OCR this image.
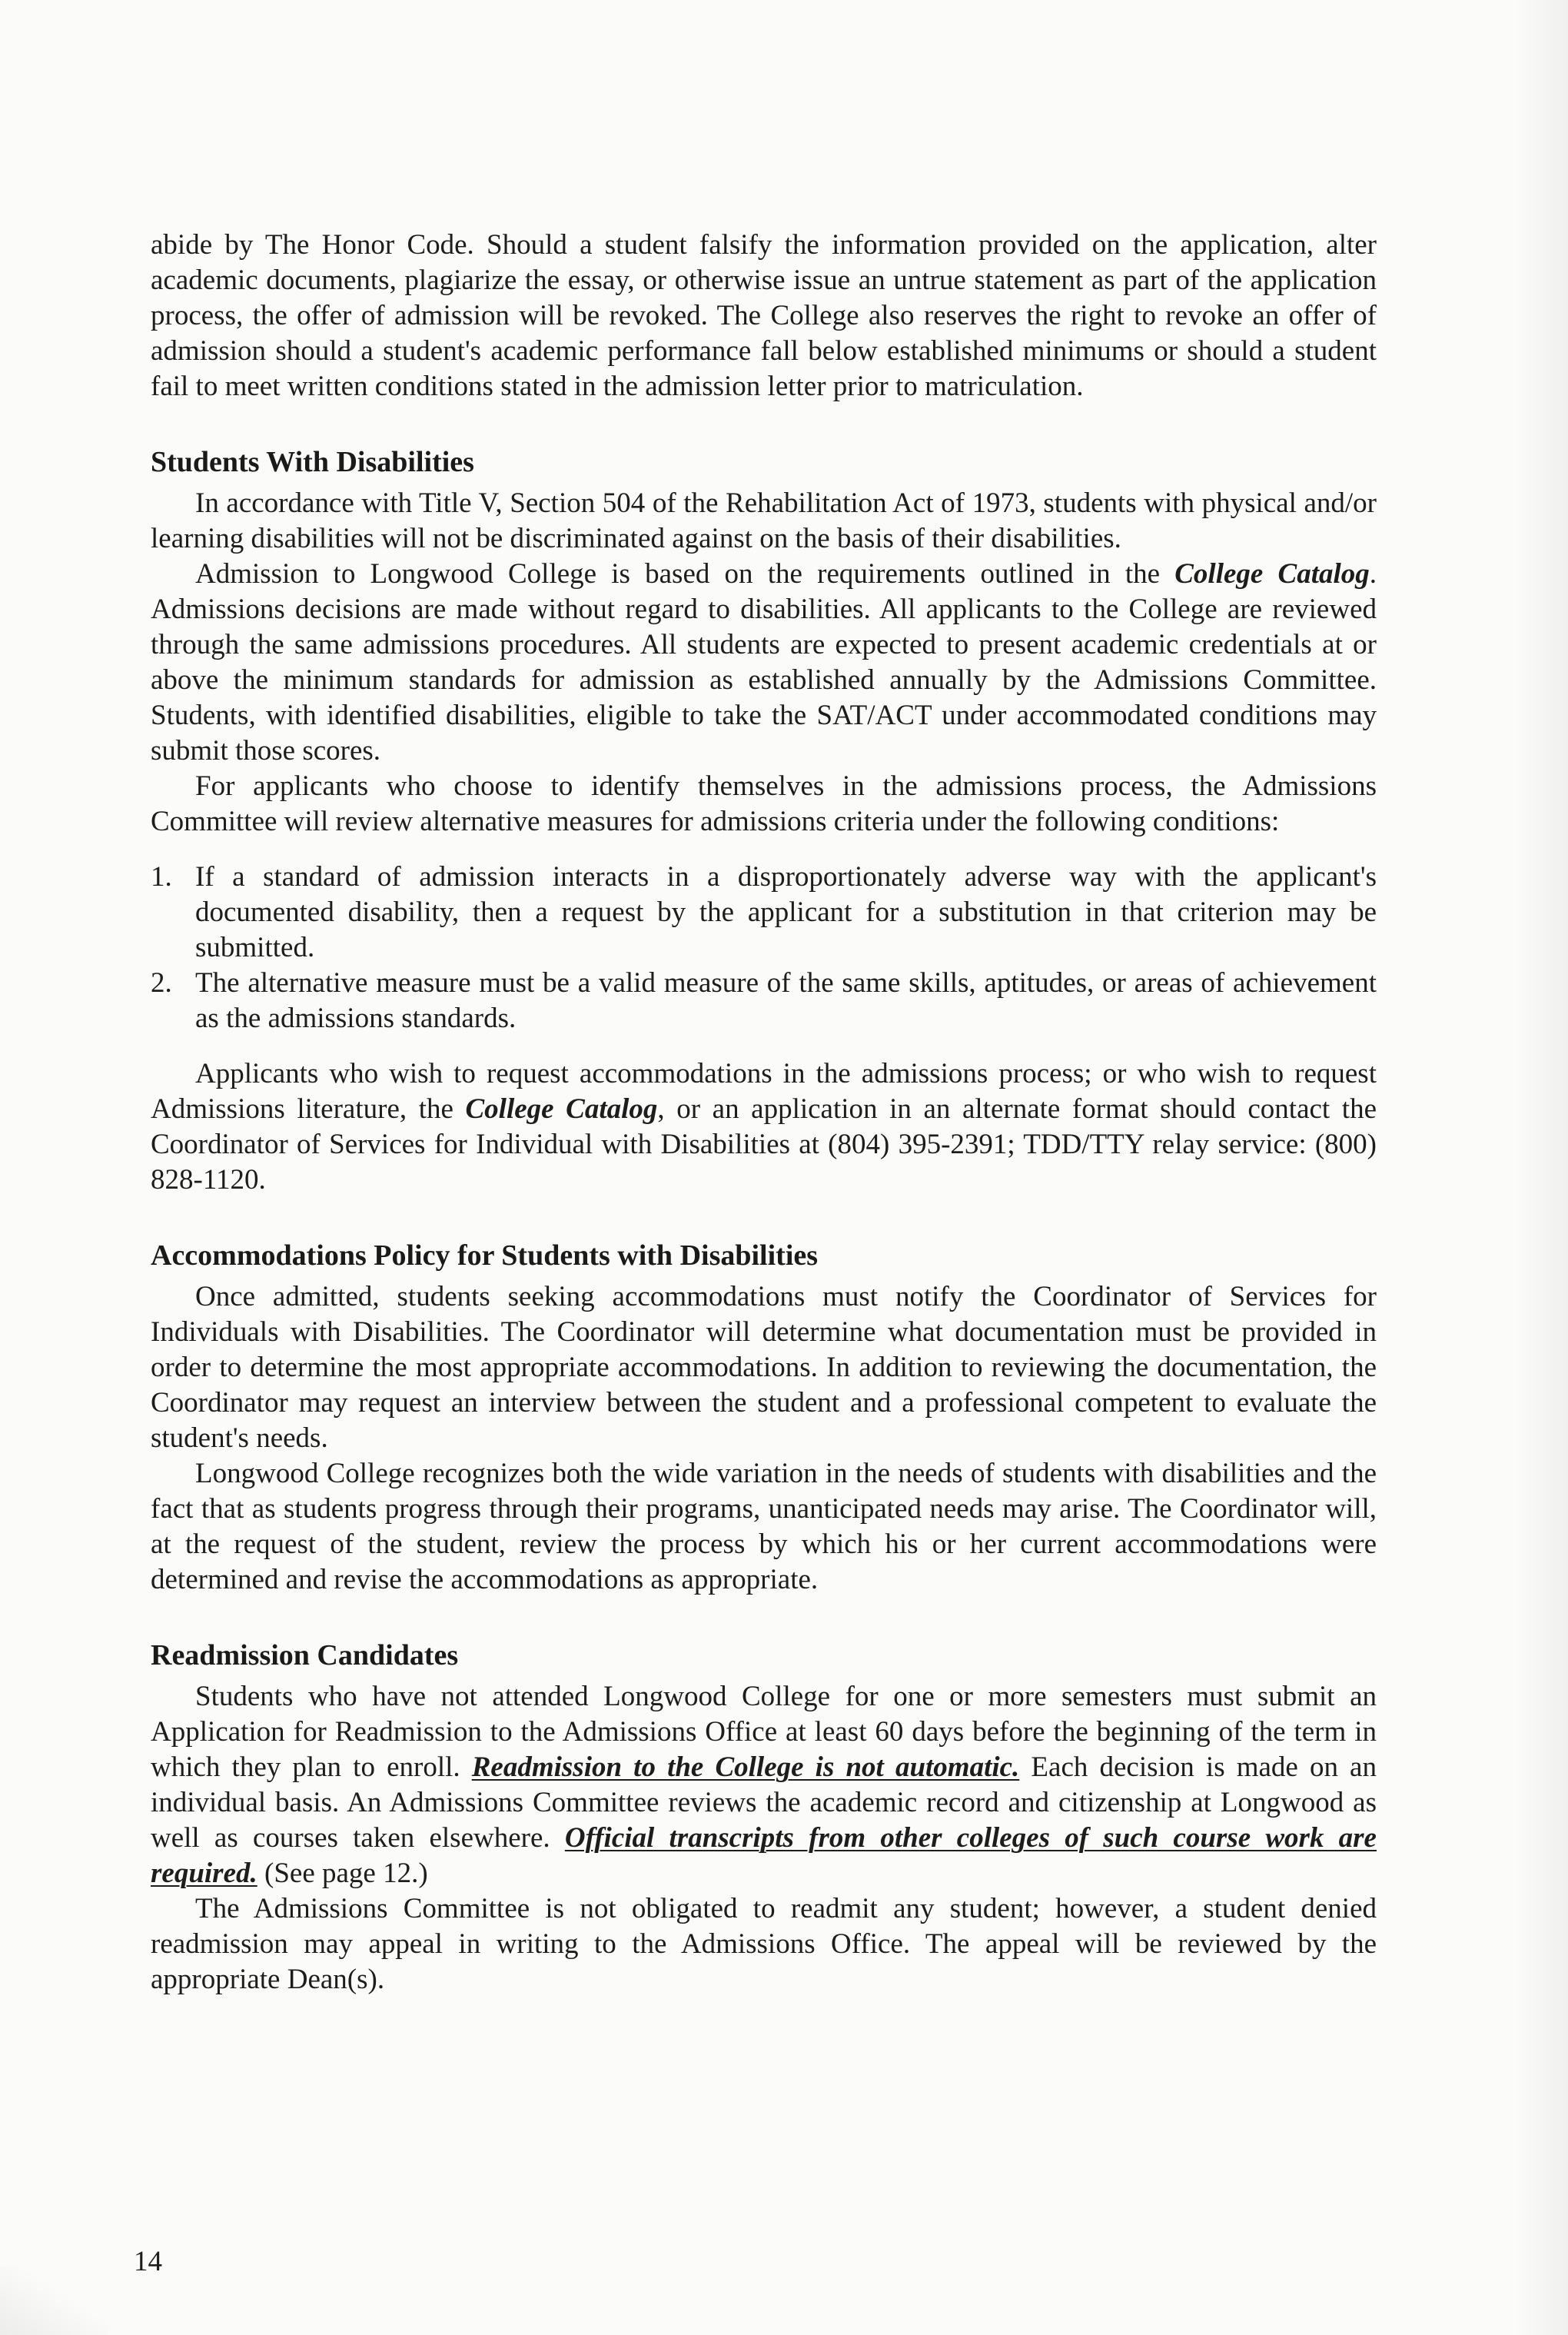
abide by The Honor Code. Should a student falsify the information provided on the application, alter academic documents, plagiarize the essay, or otherwise issue an untrue statement as part of the application process, the offer of admission will be revoked. The College also reserves the right to revoke an offer of admission should a student's academic performance fall below established minimums or should a student fail to meet written conditions stated in the admission letter prior to matriculation.

Students With Disabilities

In accordance with Title V, Section 504 of the Rehabilitation Act of 1973, students with physical and/or learning disabilities will not be discriminated against on the basis of their disabilities.

Admission to Longwood College is based on the requirements outlined in the College Catalog. Admissions decisions are made without regard to disabilities. All applicants to the College are reviewed through the same admissions procedures. All students are expected to present academic credentials at or above the minimum standards for admission as established annually by the Admissions Committee. Students, with identified disabilities, eligible to take the SAT/ACT under accommodated conditions may submit those scores.

For applicants who choose to identify themselves in the admissions process, the Admissions Committee will review alternative measures for admissions criteria under the following conditions:

1. If a standard of admission interacts in a disproportionately adverse way with the applicant's documented disability, then a request by the applicant for a substitution in that criterion may be submitted.
2. The alternative measure must be a valid measure of the same skills, aptitudes, or areas of achievement as the admissions standards.

Applicants who wish to request accommodations in the admissions process; or who wish to request Admissions literature, the College Catalog, or an application in an alternate format should contact the Coordinator of Services for Individual with Disabilities at (804) 395-2391; TDD/TTY relay service: (800) 828-1120.

Accommodations Policy for Students with Disabilities

Once admitted, students seeking accommodations must notify the Coordinator of Services for Individuals with Disabilities. The Coordinator will determine what documentation must be provided in order to determine the most appropriate accommodations. In addition to reviewing the documentation, the Coordinator may request an interview between the student and a professional competent to evaluate the student's needs.

Longwood College recognizes both the wide variation in the needs of students with disabilities and the fact that as students progress through their programs, unanticipated needs may arise. The Coordinator will, at the request of the student, review the process by which his or her current accommodations were determined and revise the accommodations as appropriate.

Readmission Candidates

Students who have not attended Longwood College for one or more semesters must submit an Application for Readmission to the Admissions Office at least 60 days before the beginning of the term in which they plan to enroll. Readmission to the College is not automatic. Each decision is made on an individual basis. An Admissions Committee reviews the academic record and citizenship at Longwood as well as courses taken elsewhere. Official transcripts from other colleges of such course work are required. (See page 12.)

The Admissions Committee is not obligated to readmit any student; however, a student denied readmission may appeal in writing to the Admissions Office. The appeal will be reviewed by the appropriate Dean(s).

14
